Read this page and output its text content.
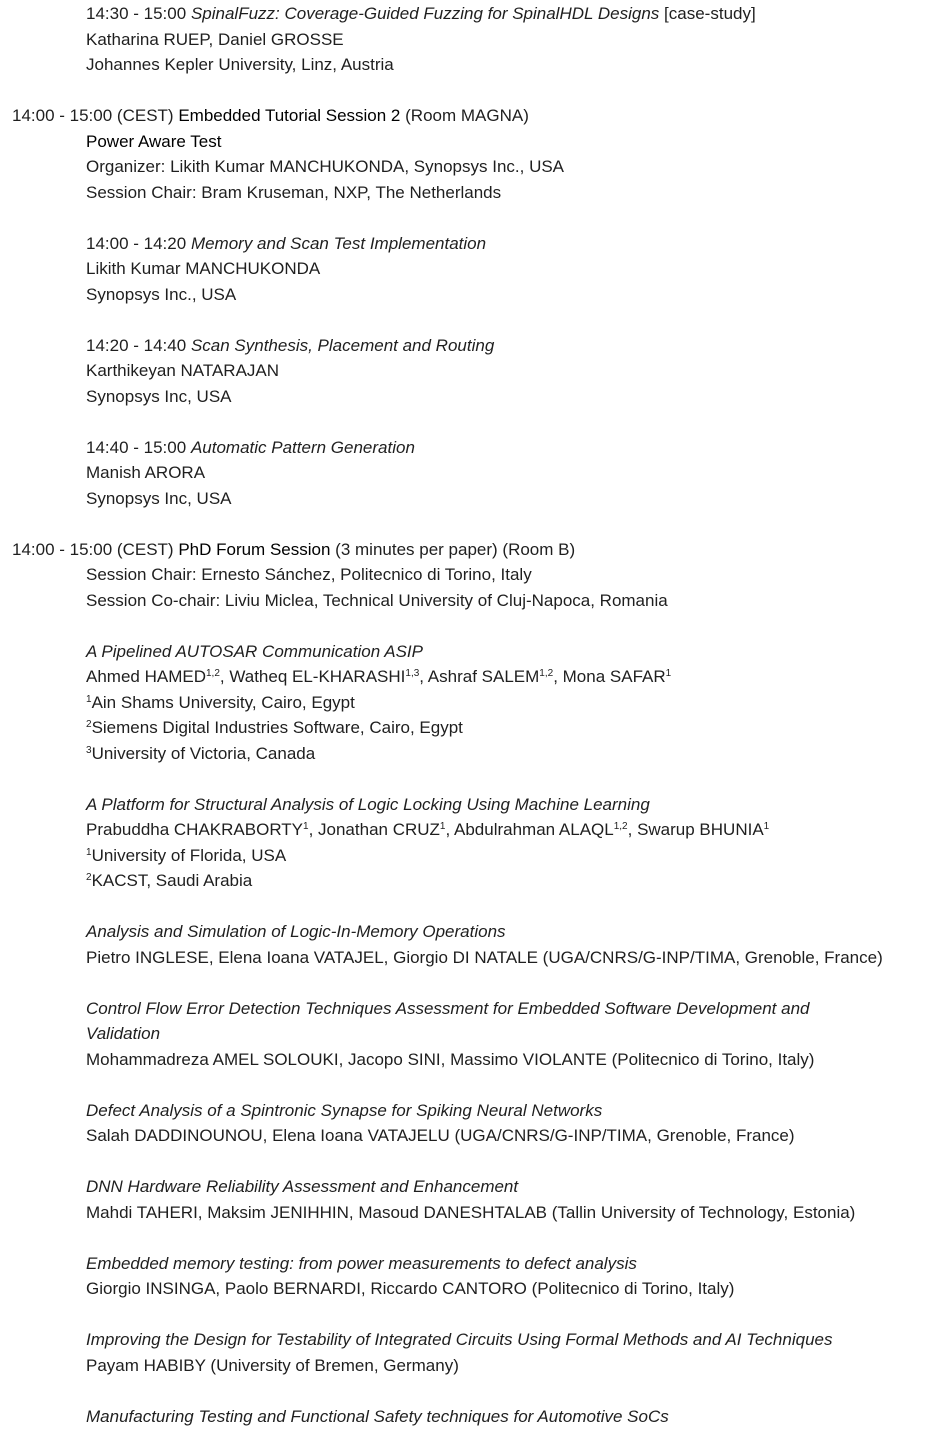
14:30 - 15:00 SpinalFuzz: Coverage-Guided Fuzzing for SpinalHDL Designs [case-study]
Katharina RUEP, Daniel GROSSE
Johannes Kepler University, Linz, Austria
14:00 - 15:00 (CEST) Embedded Tutorial Session 2 (Room MAGNA)
Power Aware Test
Organizer: Likith Kumar MANCHUKONDA, Synopsys Inc., USA
Session Chair: Bram Kruseman, NXP, The Netherlands
14:00 - 14:20 Memory and Scan Test Implementation
Likith Kumar MANCHUKONDA
Synopsys Inc., USA
14:20 - 14:40 Scan Synthesis, Placement and Routing
Karthikeyan NATARAJAN
Synopsys Inc, USA
14:40 - 15:00 Automatic Pattern Generation
Manish ARORA
Synopsys Inc, USA
14:00 - 15:00 (CEST) PhD Forum Session (3 minutes per paper) (Room B)
Session Chair: Ernesto Sánchez, Politecnico di Torino, Italy
Session Co-chair: Liviu Miclea, Technical University of Cluj-Napoca, Romania
A Pipelined AUTOSAR Communication ASIP
Ahmed HAMED$^{1,2}$, Watheq EL-KHARASHI$^{1,3}$, Ashraf SALEM$^{1,2}$, Mona SAFAR$^1$
$^1$Ain Shams University, Cairo, Egypt
$^2$Siemens Digital Industries Software, Cairo, Egypt
$^3$University of Victoria, Canada
A Platform for Structural Analysis of Logic Locking Using Machine Learning
Prabuddha CHAKRABORTY$^1$, Jonathan CRUZ$^1$, Abdulrahman ALAQL$^{1,2}$, Swarup BHUNIA$^1$
$^1$University of Florida, USA
$^2$KACST, Saudi Arabia
Analysis and Simulation of Logic-In-Memory Operations
Pietro INGLESE, Elena Ioana VATAJEL, Giorgio DI NATALE (UGA/CNRS/G-INP/TIMA, Grenoble, France)
Control Flow Error Detection Techniques Assessment for Embedded Software Development and
Validation
Mohammadreza AMEL SOLOUKI, Jacopo SINI, Massimo VIOLANTE (Politecnico di Torino, Italy)
Defect Analysis of a Spintronic Synapse for Spiking Neural Networks
Salah DADDINOUNOU, Elena Ioana VATAJELU (UGA/CNRS/G-INP/TIMA, Grenoble, France)
DNN Hardware Reliability Assessment and Enhancement
Mahdi TAHERI, Maksim JENIHHIN, Masoud DANESHTALAB (Tallin University of Technology, Estonia)
Embedded memory testing: from power measurements to defect analysis
Giorgio INSINGA, Paolo BERNARDI, Riccardo CANTORO (Politecnico di Torino, Italy)
Improving the Design for Testability of Integrated Circuits Using Formal Methods and AI Techniques
Payam HABIBY (University of Bremen, Germany)
Manufacturing Testing and Functional Safety techniques for Automotive SoCs
